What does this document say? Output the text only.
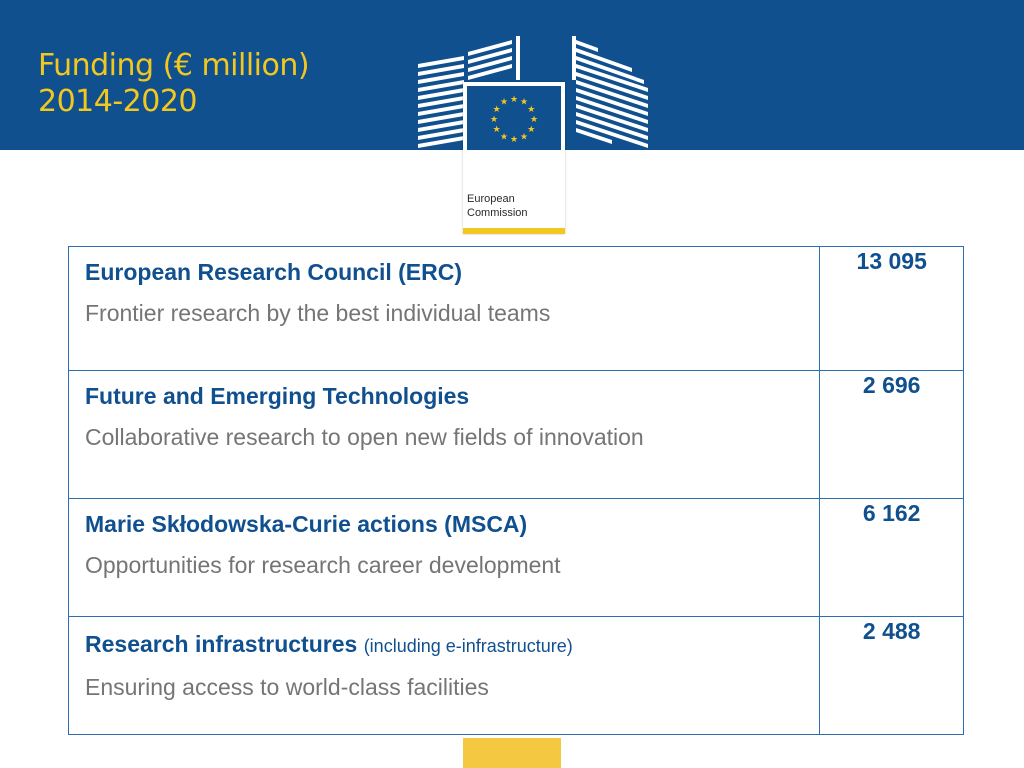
Funding (€ million)
2014-2020	★ ★
★
★
★
★
★
★
★
★
★
★
European
Commission
European Research Council (ERC)
Frontier research by the best individual teams	13 095

Future and Emerging Technologies
Collaborative research to open new fields of innovation	2 696

Marie Skłodowska-Curie actions (MSCA)
Opportunities for research career development	6 162

Research infrastructures (including e-infrastructure)
Ensuring access to world-class facilities	2 488
